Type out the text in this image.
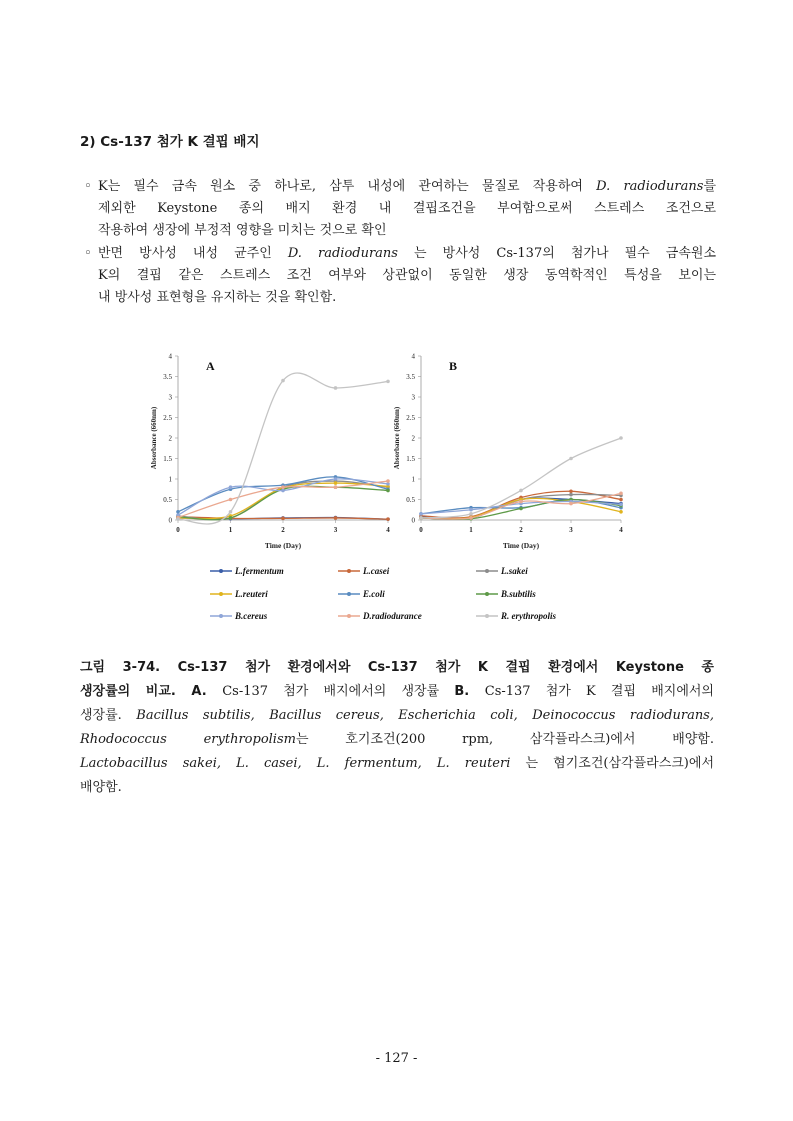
2) Cs-137 첨가 K 결핍 배지
◦ K는 필수 금속 원소 중 하나로, 삼투 내성에 관여하는 물질로 작용하여 D. radiodurans를
제외한 Keystone 종의 배지 환경 내 결핍조건을 부여함으로써 스트레스 조건으로
작용하여 생장에 부정적 영향을 미치는 것으로 확인
◦ 반면 방사성 내성 균주인 D. radiodurans 는 방사성 Cs-137의 첨가나 필수 금속원소
K의 결핍 같은 스트레스 조건 여부와 상관없이 동일한 생장 동역학적인 특성을 보이는
내 방사성 표현형을 유지하는 것을 확인함.
0
0.5
1
1.5
2
2.5
3
3.5
4
0	1	2	3	4
Time (Day)
Absorbance (660nm)
A
0
0.5
1
1.5
2
2.5
3
3.5
4
0	1	2	3	4
Time (Day)
Absorbance (660nm)
B
L.fermentum	L.casei	L.sakei
L.reuteri	E.coli	B.subtilis
B.cereus	D.radiodurance	R. erythropolis
그림 3-74. Cs-137 첨가 환경에서와 Cs-137 첨가 K 결핍 환경에서 Keystone 종
생장률의 비교. A. Cs-137 첨가 배지에서의 생장률 B. Cs-137 첨가 K 결핍 배지에서의
생장률. Bacillus subtilis, Bacillus cereus, Escherichia coli, Deinococcus radiodurans,
Rhodococcus erythropolism는 호기조건(200 rpm, 삼각플라스크)에서 배양함.
Lactobacillus sakei, L. casei, L. fermentum, L. reuteri 는 혐기조건(삼각플라스크)에서
배양함.
- 127 -
